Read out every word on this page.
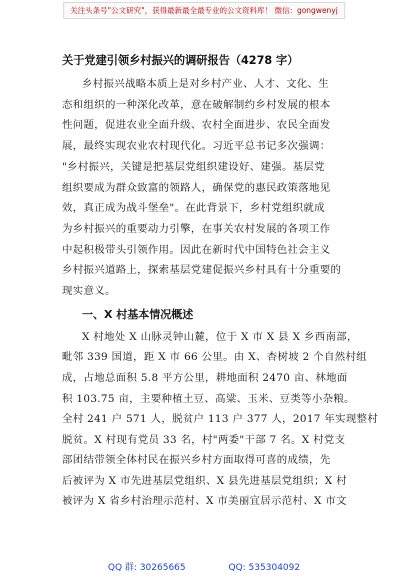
关注头条号"公文研究"，获得最新最全最专业的公文资料库！ 微信：gongwenyj
关于党建引领乡村振兴的调研报告（4278 字）

乡村振兴战略本质上是对乡村产业、人才、文化、生
态和组织的一种深化改革，意在破解制约乡村发展的根本
性问题，促进农业全面升级、农村全面进步、农民全面发
展，最终实现农业农村现代化。习近平总书记多次强调：
"乡村振兴，关键是把基层党组织建设好、建强。基层党
组织要成为群众致富的领路人，确保党的惠民政策落地见
效，真正成为战斗堡垒"。在此背景下，乡村党组织就成
为乡村振兴的重要动力引擎，在事关农村发展的各项工作
中起积极带头引领作用。因此在新时代中国特色社会主义
乡村振兴道路上，探索基层党建促振兴乡村具有十分重要的
现实意义。

一、X 村基本情况概述

X 村地处 X 山脉灵钟山麓，位于 X 市 X 县 X 乡西南部，
毗邻 339 国道，距 X 市 66 公里。由 X、杏树坡 2 个自然村组
成，占地总面积 5.8 平方公里，耕地面积 2470 亩、林地面
积 103.75 亩，主要种植土豆、高粱、玉米、豆类等小杂粮。
全村 241 户 571 人，脱贫户 113 户 377 人，2017 年实现整村
脱贫。X 村现有党员 33 名，村"两委"干部 7 名。X 村党支
部团结带领全体村民在振兴乡村方面取得可喜的成绩，先
后被评为 X 市先进基层党组织、X 县先进基层党组织；X 村
被评为 X 省乡村治理示范村、X 市美丽宜居示范村、X 市文

QQ 群: 30265665	QQ: 535304092
